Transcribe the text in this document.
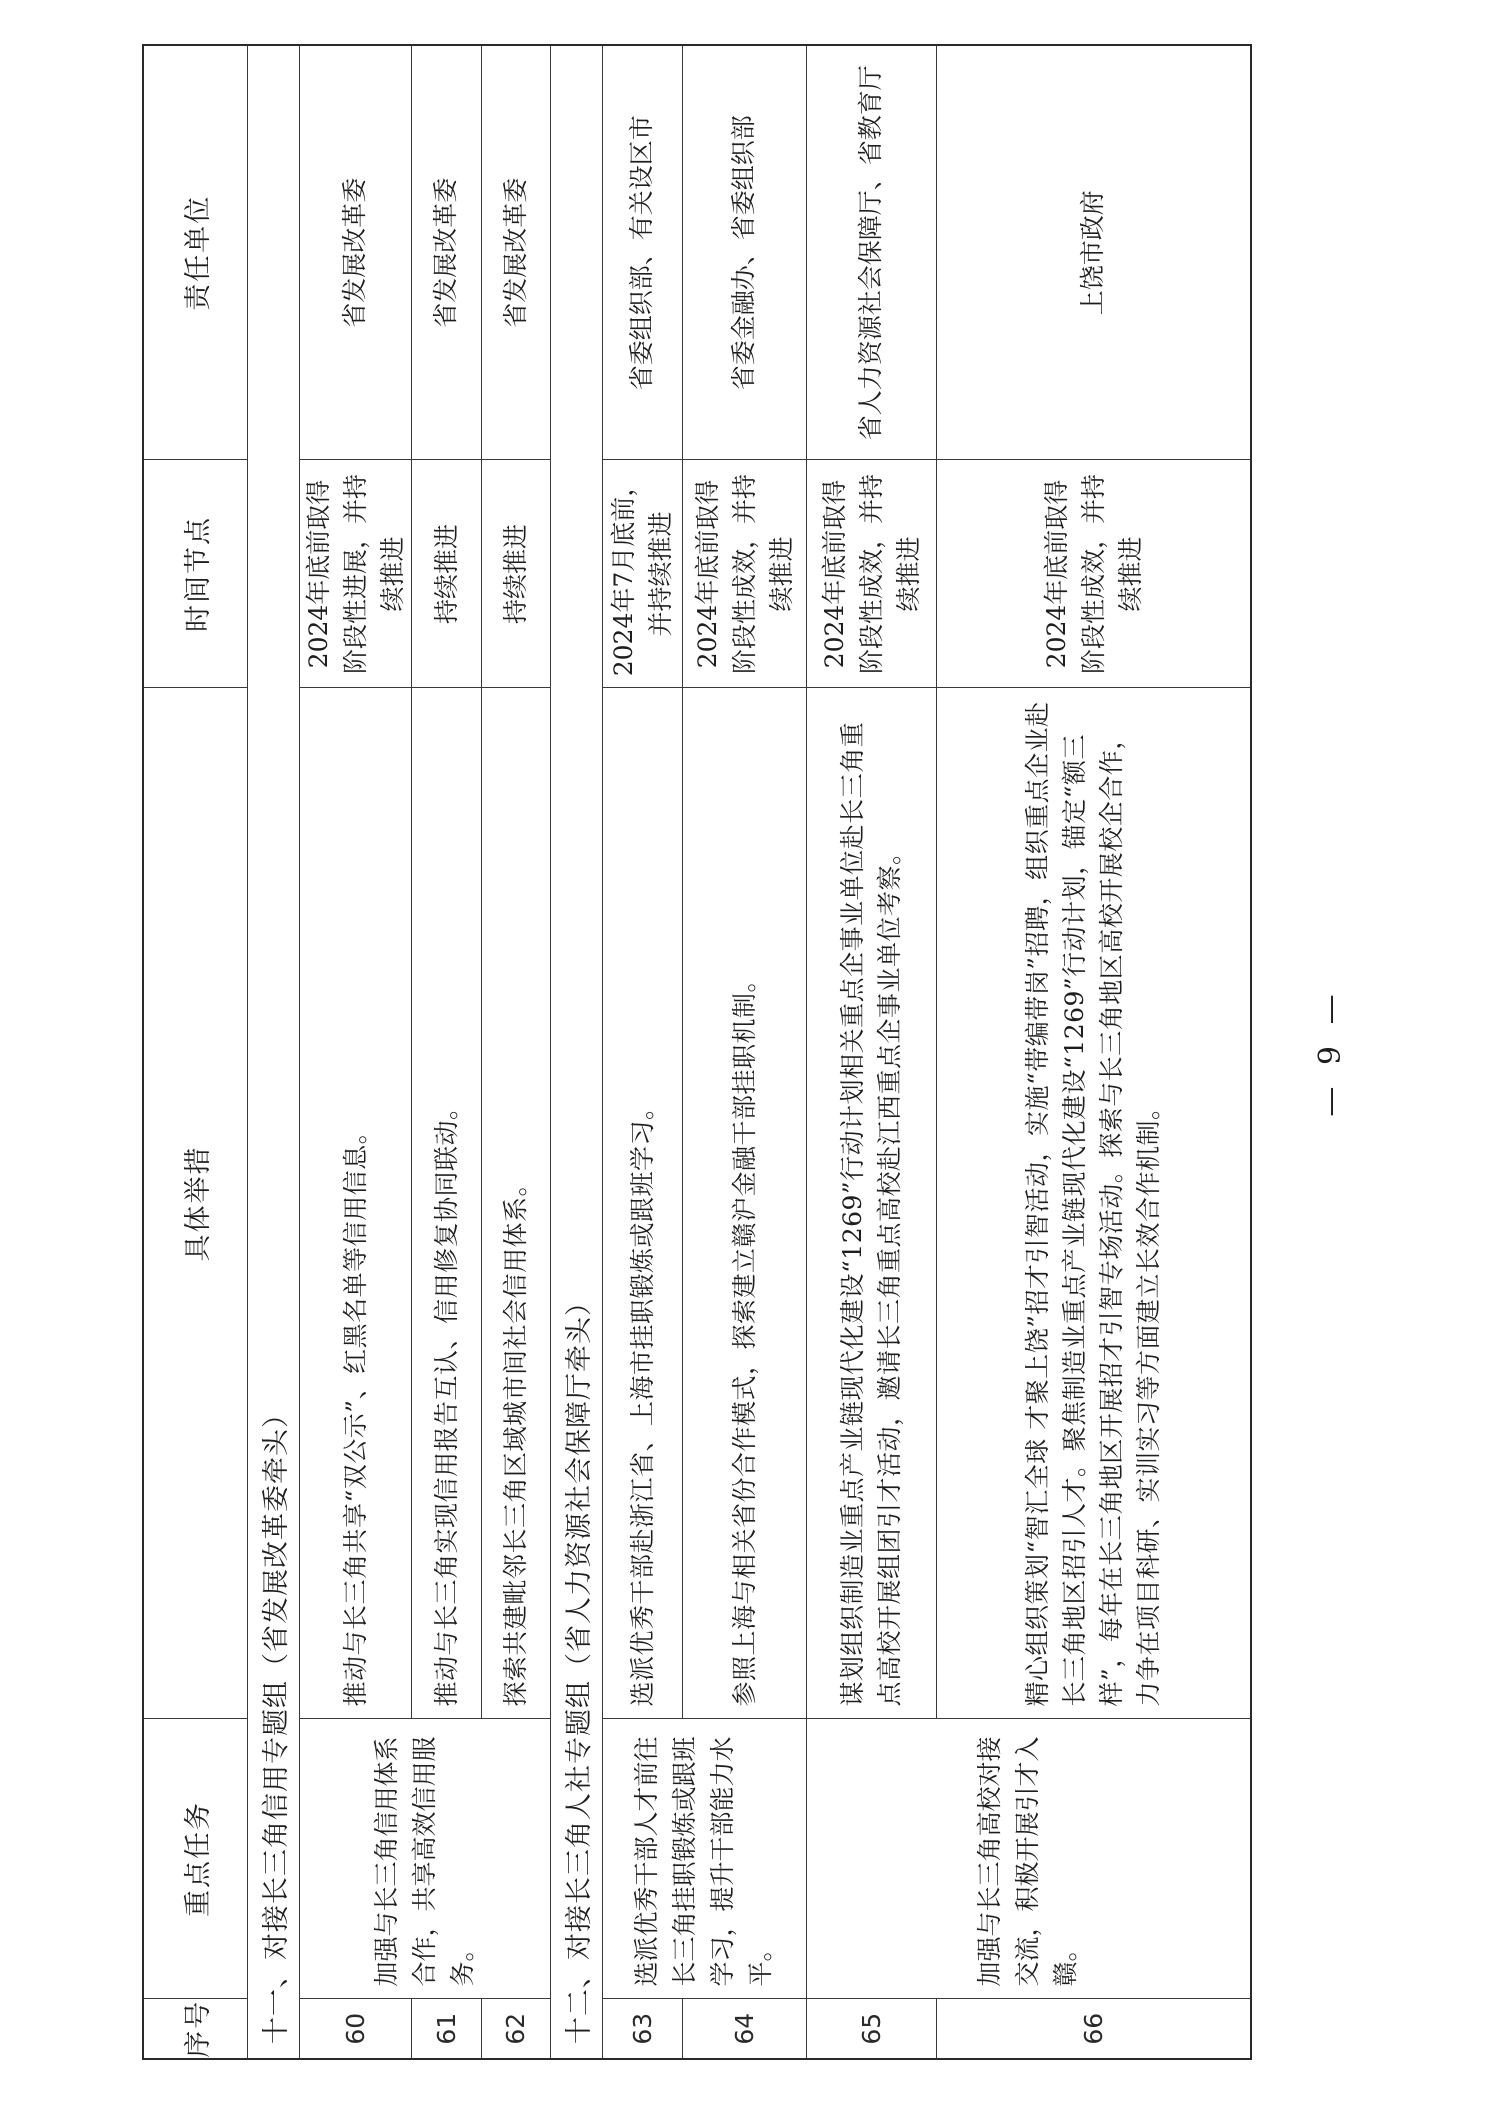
序号	重点任务	具体举措	时间节点	责任单位
十一、对接长三角信用专题组（省发展改革委牵头）				
60	加强与长三角信用体系合作，共享高效信用服务。	推动与长三角共享“双公示”、红黑名单等信用信息。	2024年底前取得阶段性进展，并持续推进	省发展改革委
61		推动与长三角实现信用报告互认、信用修复协同联动。	持续推进	省发展改革委
62		探索共建毗邻长三角区域城市间社会信用体系。	持续推进	省发展改革委
十二、对接长三角人社专题组（省人力资源社会保障厅牵头）				
63	选派优秀干部人才前往长三角挂职锻炼或跟班学习，提升干部能力水平。	选派优秀干部赴浙江省、上海市挂职锻炼或跟班学习。	2024年7月底前，并持续推进	省委组织部、有关设区市
64		参照上海与相关省份合作模式，探索建立赣沪金融干部挂职机制。	2024年底前取得阶段性成效，并持续推进	省委金融办、省委组织部
65	加强与长三角高校对接交流，积极开展引才入赣。	谋划组织制造业重点产业链现代化建设“1269”行动计划相关重点企事业单位赴长三角重点高校开展组团引才活动，邀请长三角重点高校赴江西重点企事业单位考察。	2024年底前取得阶段性成效，并持续推进	省人力资源社会保障厅、省教育厅
66		精心组织策划“智汇全球 才聚上饶”招才引智活动，实施“带编带岗”招聘，组织重点企业赴长三角地区招引人才。聚焦制造业重点产业链现代化建设“1269”行动计划，锚定“额三样”，每年在长三角地区开展招才引智专场活动。探索与长三角地区高校开展校企合作，力争在项目科研、实训实习等方面建立长效合作机制。	2024年底前取得阶段性成效，并持续推进	上饶市政府
— 9 —
